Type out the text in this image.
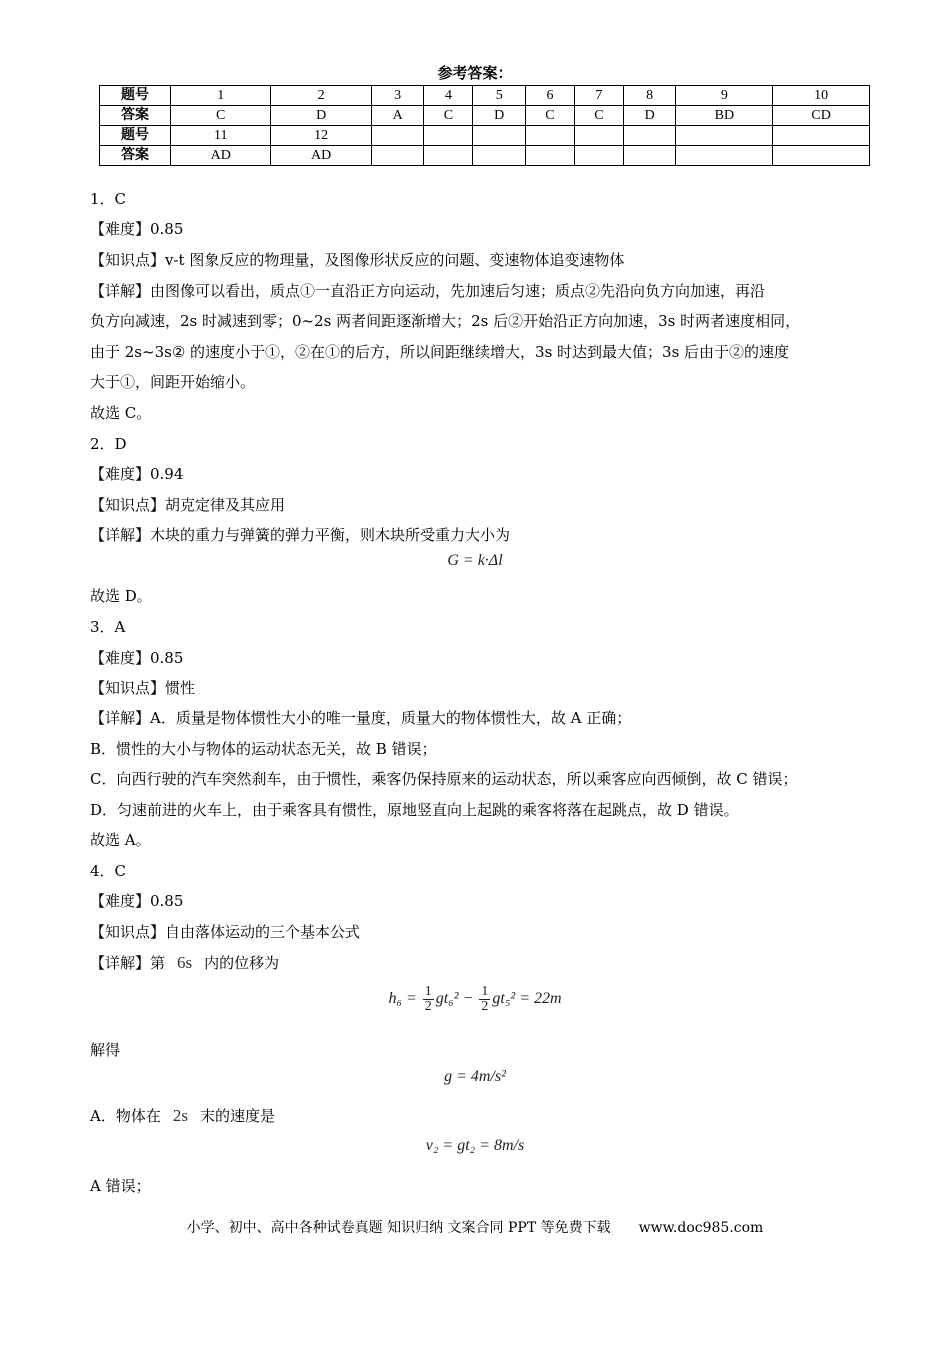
参考答案：
题号	1	2	3	4	5	6	7	8	9	10
答案	C	D	A	C	D	C	C	D	BD	CD
题号	11	12								
答案	AD	AD								
1．C
【难度】0.85
【知识点】v-t 图象反应的物理量，及图像形状反应的问题、变速物体追变速物体
【详解】由图像可以看出，质点①一直沿正方向运动，先加速后匀速；质点②先沿向负方向加速，再沿
负方向减速，2s 时减速到零；0~2s 两者间距逐渐增大；2s 后②开始沿正方向加速，3s 时两者速度相同，
由于 2s~3s② 的速度小于①，②在①的后方，所以间距继续增大，3s 时达到最大值；3s 后由于②的速度
大于①，间距开始缩小。
故选 C。
2．D
【难度】0.94
【知识点】胡克定律及其应用
【详解】木块的重力与弹簧的弹力平衡，则木块所受重力大小为
G = k·Δl
故选 D。
3．A
【难度】0.85
【知识点】惯性
【详解】A．质量是物体惯性大小的唯一量度，质量大的物体惯性大，故 A 正确；
B．惯性的大小与物体的运动状态无关，故 B 错误；
C．向西行驶的汽车突然刹车，由于惯性，乘客仍保持原来的运动状态，所以乘客应向西倾倒，故 C 错误；
D．匀速前进的火车上，由于乘客具有惯性，原地竖直向上起跳的乘客将落在起跳点，故 D 错误。
故选 A。
4．C
【难度】0.85
【知识点】自由落体运动的三个基本公式
【详解】第 6s 内的位移为
$h_6 = \frac{1}{2} gt_6^2 - \frac{1}{2} gt_5^2 = 22m$
解得
g = 4m/s²
A．物体在 2s 末的速度是
v₂ = gt₂ = 8m/s
A 错误；
小学、初中、高中各种试卷真题 知识归纳 文案合同 PPT 等免费下载 www.doc985.com
